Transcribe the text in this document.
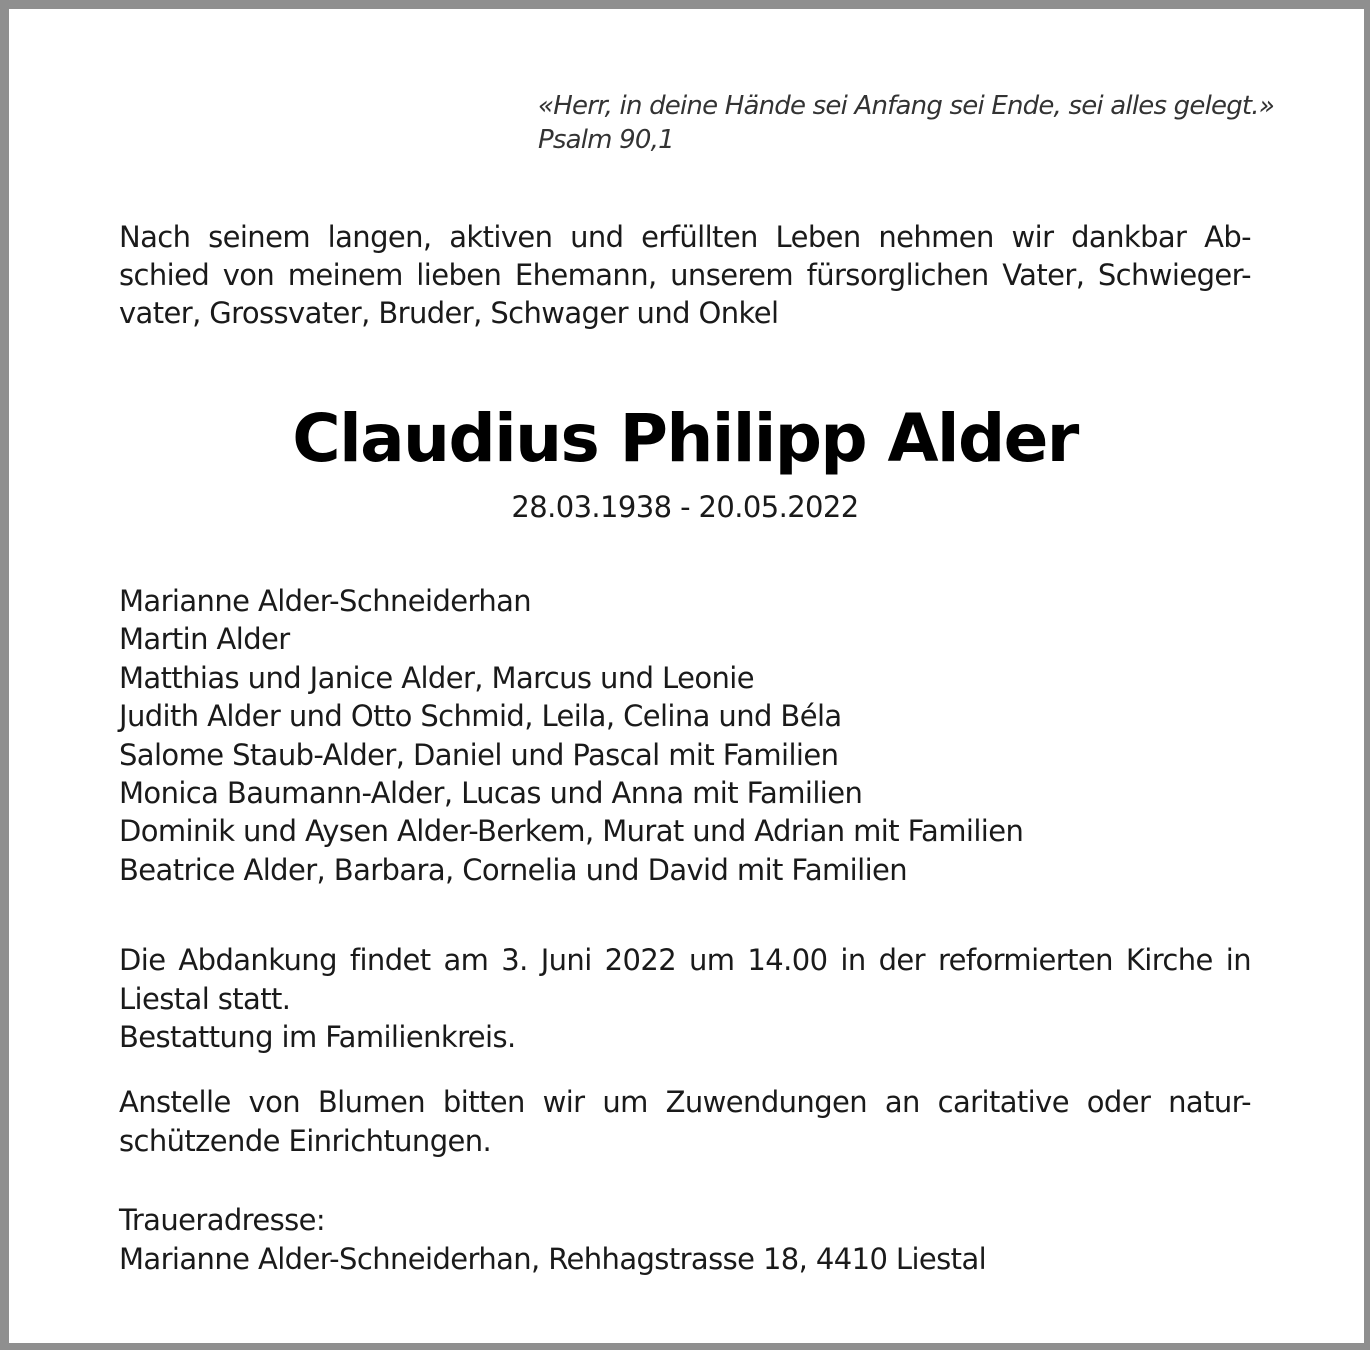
«Herr, in deine Hände sei Anfang sei Ende, sei alles gelegt.»
Psalm 90,1
Nach seinem langen, aktiven und erfüllten Leben nehmen wir dankbar Ab-
schied von meinem lieben Ehemann, unserem fürsorglichen Vater, Schwieger-
vater, Grossvater, Bruder, Schwager und Onkel
Claudius Philipp Alder
28.03.1938 - 20.05.2022
Marianne Alder-Schneiderhan
Martin Alder
Matthias und Janice Alder, Marcus und Leonie
Judith Alder und Otto Schmid, Leila, Celina und Béla
Salome Staub-Alder, Daniel und Pascal mit Familien
Monica Baumann-Alder, Lucas und Anna mit Familien
Dominik und Aysen Alder-Berkem, Murat und Adrian mit Familien
Beatrice Alder, Barbara, Cornelia und David mit Familien
Die Abdankung findet am 3. Juni 2022 um 14.00 in der reformierten Kirche in
Liestal statt.
Bestattung im Familienkreis.
Anstelle von Blumen bitten wir um Zuwendungen an caritative oder natur-
schützende Einrichtungen.
Traueradresse:
Marianne Alder-Schneiderhan, Rehhagstrasse 18, 4410 Liestal
